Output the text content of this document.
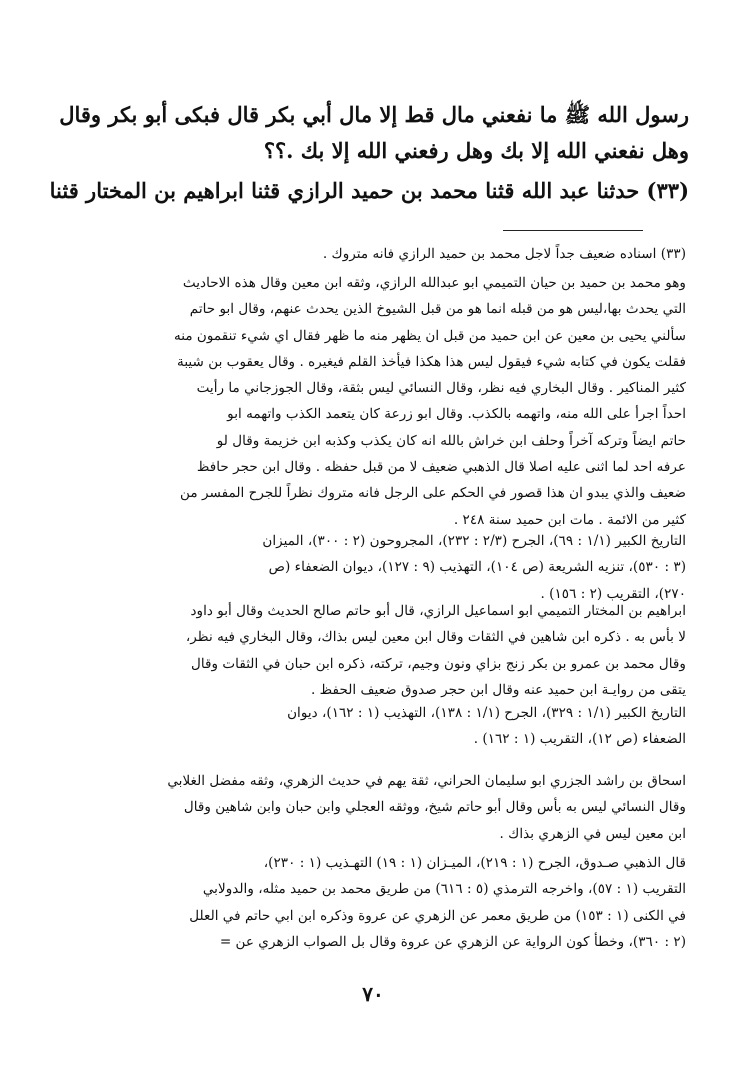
رسول الله ﷺ ما نفعني مال قط إلا مال أبي بكر قال فبكى أبو بكر وقال
وهل نفعني الله إلا بك وهل رفعني الله إلا بك .؟؟
(٣٣) حدثنا عبد الله قثنا محمد بن حميد الرازي قثنا ابراهيم بن المختار قثنا
(٣٣) اسناده ضعيف جداً لاجل محمد بن حميد الرازي فانه متروك .
وهو محمد بن حميد بن حيان التميمي ابو عبدالله الرازي، وثقه ابن معين وقال هذه الاحاديث
التي يحدث بها،ليس هو من قبله انما هو من قبل الشيوخ الذين يحدث عنهم، وقال ابو حاتم
سألني يحيى بن معين عن ابن حميد من قبل ان يظهر منه ما ظهر فقال اي شيء تنقمون منه
فقلت يكون في كتابه شيء فيقول ليس هذا هكذا فيأخذ القلم فيغيره . وقال يعقوب بن شيبة
كثير المناكير . وقال البخاري فيه نظر، وقال النسائي ليس بثقة، وقال الجوزجاني ما رأيت
احداً اجرأ على الله منه، واتهمه بالكذب. وقال ابو زرعة كان يتعمد الكذب واتهمه ابو
حاتم ايضاً وتركه آخراً وحلف ابن خراش بالله انه كان يكذب وكذبه ابن خزيمة وقال لو
عرفه احد لما اثنى عليه اصلا قال الذهبي ضعيف لا من قبل حفظه . وقال ابن حجر حافظ
ضعيف والذي يبدو ان هذا قصور في الحكم على الرجل فانه متروك نظراً للجرح المفسر من
كثير من الائمة . مات ابن حميد سنة ٢٤٨ .
التاريخ الكبير (١/١ : ٦٩)، الجرح (٢/٣ : ٢٣٢)، المجروحون (٢ : ٣٠٠)، الميزان
(٣ : ٥٣٠)، تنزيه الشريعة (ص ١٠٤)، التهذيب (٩ : ١٢٧)، ديوان الضعفاء (ص
٢٧٠)، التقريب (٢ : ١٥٦) .
ابراهيم بن المختار التميمي ابو اسماعيل الرازي، قال أبو حاتم صالح الحديث وقال أبو داود
لا بأس به . ذكره ابن شاهين في الثقات وقال ابن معين ليس بذاك، وقال البخاري فيه نظر،
وقال محمد بن عمرو بن بكر زنج بزاي ونون وجيم، تركته، ذكره ابن حبان في الثقات وقال
يتقى من روايـة ابن حميد عنه وقال ابن حجر صدوق ضعيف الحفظ .
التاريخ الكبير (١/١ : ٣٢٩)، الجرح (١/١ : ١٣٨)، التهذيب (١ : ١٦٢)، ديوان
الضعفاء (ص ١٢)، التقريب (١ : ١٦٢) .
اسحاق بن راشد الجزري ابو سليمان الحراني، ثقة يهم في حديث الزهري، وثقه مفضل الغلابي
وقال النسائي ليس به بأس وقال أبو حاتم شيخ، ووثقه العجلي وابن حبان وابن شاهين وقال
ابن معين ليس في الزهري بذاك .
قال الذهبي صـدوق، الجرح (١ : ٢١٩)، الميـزان (١ : ١٩) التهـذيب (١ : ٢٣٠)،
التقريب (١ : ٥٧)، واخرجه الترمذي (٥ : ٦١٦) من طريق محمد بن حميد مثله، والدولابي
في الكنى (١ : ١٥٣) من طريق معمر عن الزهري عن عروة وذكره ابن ابي حاتم في العلل
(٢ : ٣٦٠)، وخطأ كون الرواية عن الزهري عن عروة وقال بل الصواب الزهري عن =
٧٠
